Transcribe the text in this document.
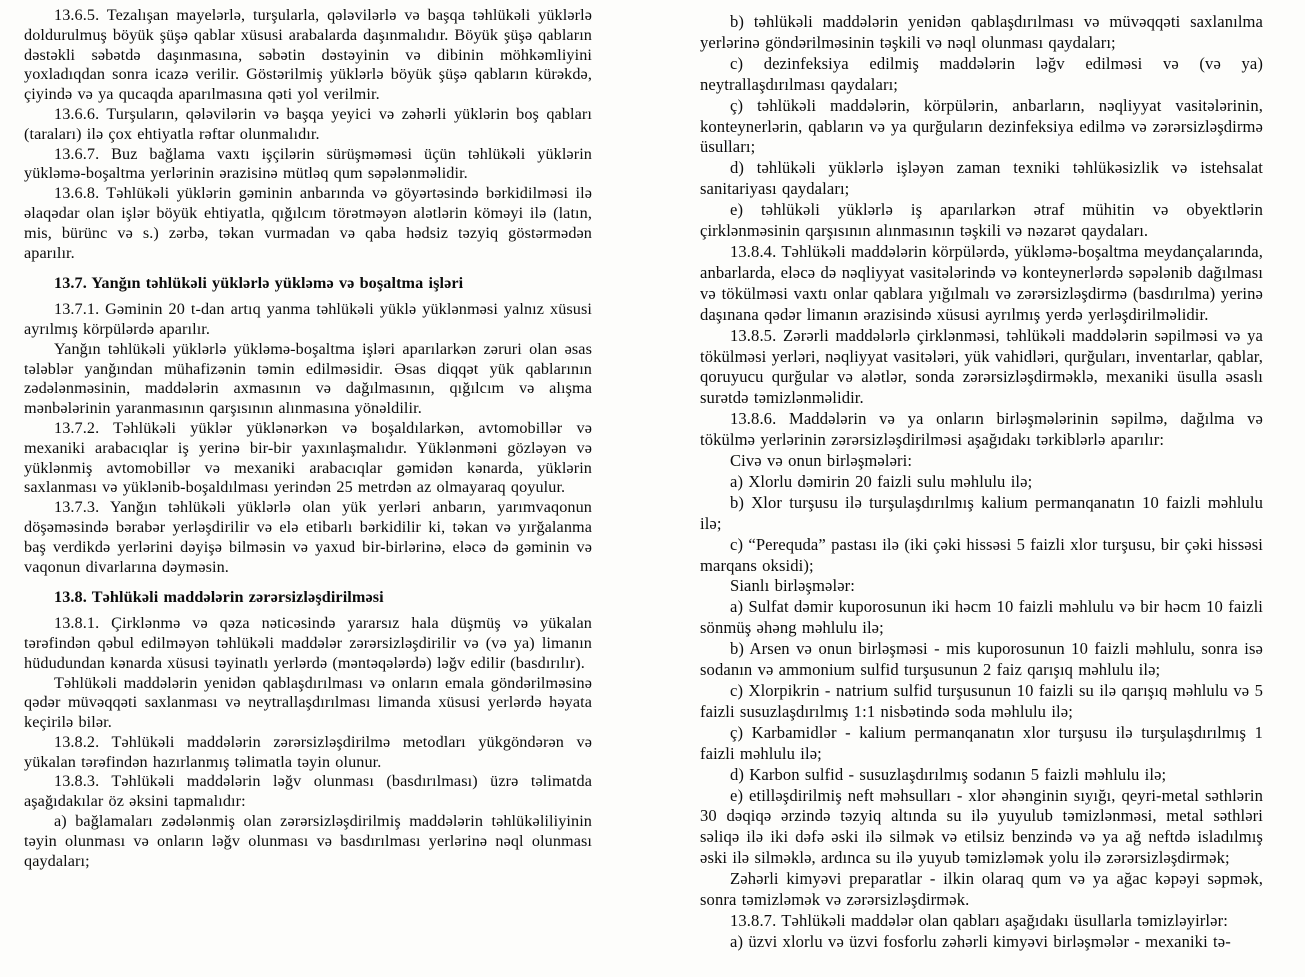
13.6.5. Tezalışan mayelərlə, turşularla, qələvilərlə və başqa təhlükəli yüklərlə doldurulmuş böyük şüşə qablar xüsusi arabalarda daşınmalıdır. Böyük şüşə qabların dəstəkli səbətdə daşınmasına, səbətin dəstəyinin və dibinin möhkəmliyini yoxladıqdan sonra icazə verilir. Göstərilmiş yüklərlə böyük şüşə qabların kürəkdə, çiyində və ya qucaqda aparılmasına qəti yol verilmir.

13.6.6. Turşuların, qələvilərin və başqa yeyici və zəhərli yüklərin boş qabları (taraları) ilə çox ehtiyatla rəftar olunmalıdır.

13.6.7. Buz bağlama vaxtı işçilərin sürüşməməsi üçün təhlükəli yüklərin yükləmə-boşaltma yerlərinin ərazisinə mütləq qum səpələnməlidir.

13.6.8. Təhlükəli yüklərin gəminin anbarında və göyərtəsində bərkidilməsi ilə əlaqədar olan işlər böyük ehtiyatla, qığılcım törətməyən alətlərin köməyi ilə (latın, mis, bürünc və s.) zərbə, təkan vurmadan və qaba hədsiz təzyiq göstərmədən aparılır.

13.7. Yanğın təhlükəli yüklərlə yükləmə və boşaltma işləri

13.7.1. Gəminin 20 t-dan artıq yanma təhlükəli yüklə yüklənməsi yalnız xüsusi ayrılmış körpülərdə aparılır.

Yanğın təhlükəli yüklərlə yükləmə-boşaltma işləri aparılarkən zəruri olan əsas tələblər yanğından mühafizənin təmin edilməsidir. Əsas diqqət yük qablarının zədələnməsinin, maddələrin axmasının və dağılmasının, qığılcım və alışma mənbələrinin yaranmasının qarşısının alınmasına yönəldilir.

13.7.2. Təhlükəli yüklər yüklənərkən və boşaldılarkən, avtomobillər və mexaniki arabacıqlar iş yerinə bir-bir yaxınlaşmalıdır. Yüklənməni gözləyən və yüklənmiş avtomobillər və mexaniki arabacıqlar gəmidən kənarda, yüklərin saxlanması və yüklənib-boşaldılması yerindən 25 metrdən az olmayaraq qoyulur.

13.7.3. Yanğın təhlükəli yüklərlə olan yük yerləri anbarın, yarımvaqonun döşəməsində bərabər yerləşdirilir və elə etibarlı bərkidilir ki, təkan və yırğalanma baş verdikdə yerlərini dəyişə bilməsin və yaxud bir-birlərinə, eləcə də gəminin və vaqonun divarlarına dəyməsin.

13.8. Təhlükəli maddələrin zərərsizləşdirilməsi

13.8.1. Çirklənmə və qəza nəticəsində yararsız hala düşmüş və yükalan tərəfindən qəbul edilməyən təhlükəli maddələr zərərsizləşdirilir və (və ya) limanın hüdudundan kənarda xüsusi təyinatlı yerlərdə (məntəqələrdə) ləğv edilir (basdırılır).

Təhlükəli maddələrin yenidən qablaşdırılması və onların emala göndərilməsinə qədər müvəqqəti saxlanması və neytrallaşdırılması limanda xüsusi yerlərdə həyata keçirilə bilər.

13.8.2. Təhlükəli maddələrin zərərsizləşdirilmə metodları yükgöndərən və yükalan tərəfindən hazırlanmış təlimatla təyin olunur.

13.8.3. Təhlükəli maddələrin ləğv olunması (basdırılması) üzrə təlimatda aşağıdakılar öz əksini tapmalıdır:

a) bağlamaları zədələnmiş olan zərərsizləşdirilmiş maddələrin təhlükəliliyinin təyin olunması və onların ləğv olunması və basdırılması yerlərinə nəql olunması qaydaları;

b) təhlükəli maddələrin yenidən qablaşdırılması və müvəqqəti saxlanılma yerlərinə göndərilməsinin təşkili və nəql olunması qaydaları;

c) dezinfeksiya edilmiş maddələrin ləğv edilməsi və (və ya) neytrallaşdırılması qaydaları;

ç) təhlükəli maddələrin, körpülərin, anbarların, nəqliyyat vasitələrinin, konteynerlərin, qabların və ya qurğuların dezinfeksiya edilmə və zərərsizləşdirmə üsulları;

d) təhlükəli yüklərlə işləyən zaman texniki təhlükəsizlik və istehsalat sanitariyası qaydaları;

e) təhlükəli yüklərlə iş aparılarkən ətraf mühitin və obyektlərin çirklənməsinin qarşısının alınmasının təşkili və nəzarət qaydaları.

13.8.4. Təhlükəli maddələrin körpülərdə, yükləmə-boşaltma meydançalarında, anbarlarda, eləcə də nəqliyyat vasitələrində və konteynerlərdə səpələnib dağılması və tökülməsi vaxtı onlar qablara yığılmalı və zərərsizləşdirmə (basdırılma) yerinə daşınana qədər limanın ərazisində xüsusi ayrılmış yerdə yerləşdirilməlidir.

13.8.5. Zərərli maddələrlə çirklənməsi, təhlükəli maddələrin səpilməsi və ya tökülməsi yerləri, nəqliyyat vasitələri, yük vahidləri, qurğuları, inventarlar, qablar, qoruyucu qurğular və alətlər, sonda zərərsizləşdirməklə, mexaniki üsulla əsaslı surətdə təmizlənməlidir.

13.8.6. Maddələrin və ya onların birləşmələrinin səpilmə, dağılma və tökülmə yerlərinin zərərsizləşdirilməsi aşağıdakı tərkiblərlə aparılır:

Civə və onun birləşmələri:

a) Xlorlu dəmirin 20 faizli sulu məhlulu ilə;

b) Xlor turşusu ilə turşulaşdırılmış kalium permanqanatın 10 faizli məhlulu ilə;

c) “Perequda” pastası ilə (iki çəki hissəsi 5 faizli xlor turşusu, bir çəki hissəsi marqans oksidi);

Sianlı birləşmələr:

a) Sulfat dəmir kuporosunun iki həcm 10 faizli məhlulu və bir həcm 10 faizli sönmüş əhəng məhlulu ilə;

b) Arsen və onun birləşməsi - mis kuporosunun 10 faizli məhlulu, sonra isə sodanın və ammonium sulfid turşusunun 2 faiz qarışıq məhlulu ilə;

c) Xlorpikrin - natrium sulfid turşusunun 10 faizli su ilə qarışıq məhlulu və 5 faizli susuzlaşdırılmış 1:1 nisbətində soda məhlulu ilə;

ç) Karbamidlər - kalium permanqanatın xlor turşusu ilə turşulaşdırılmış 1 faizli məhlulu ilə;

d) Karbon sulfid - susuzlaşdırılmış sodanın 5 faizli məhlulu ilə;

e) etilləşdirilmiş neft məhsulları - xlor əhənginin sıyığı, qeyri-metal səthlərin 30 dəqiqə ərzində təzyiq altında su ilə yuyulub təmizlənməsi, metal səthləri səliqə ilə iki dəfə əski ilə silmək və etilsiz benzində və ya ağ neftdə isladılmış əski ilə silməklə, ardınca su ilə yuyub təmizləmək yolu ilə zərərsizləşdirmək;

Zəhərli kimyəvi preparatlar - ilkin olaraq qum və ya ağac kəpəyi səpmək, sonra təmizləmək və zərərsizləşdirmək.

13.8.7. Təhlükəli maddələr olan qabları aşağıdakı üsullarla təmizləyirlər:

a) üzvi xlorlu və üzvi fosforlu zəhərli kimyəvi birləşmələr - mexaniki tə-
